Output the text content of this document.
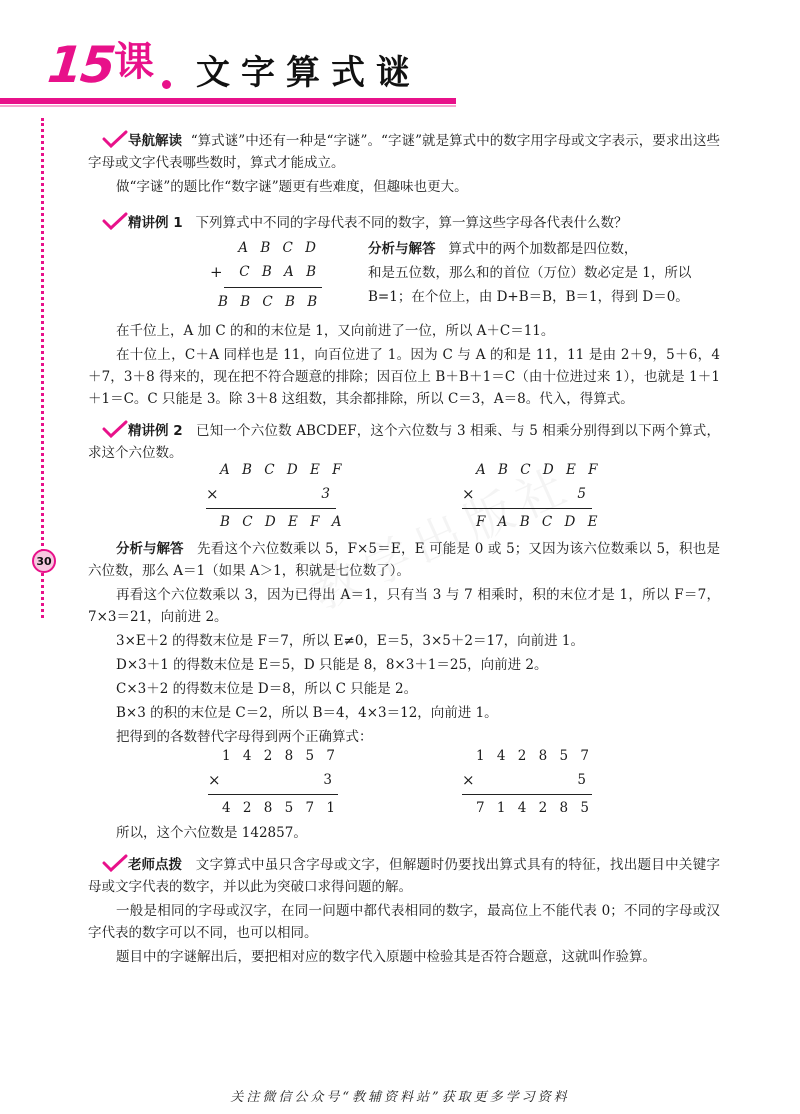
15
课 文字算式谜
30

导航解读 “算式谜”中还有一种是“字谜”。“字谜”就是算式中的数字用字母或文字表示，要求出这些字母或文字代表哪些数时，算式才能成立。

做“字谜”的题比作“数字谜”题更有些难度，但趣味也更大。

精讲例 1 下列算式中不同的字母代表不同的数字，算一算这些字母各代表什么数？

A B C D
+	C B A B
B B C B B

分析与解答 算式中的两个加数都是四位数，

和是五位数，那么和的首位（万位）数必定是 1，所以

B=1；在个位上，由 D+B＝B，B＝1，得到 D＝0。

在千位上，A 加 C 的和的末位是 1，又向前进了一位，所以 A＋C＝11。

在十位上，C＋A 同样也是 11，向百位进了 1。因为 C 与 A 的和是 11，11 是由 2＋9，5＋6，4＋7，3＋8 得来的，现在把不符合题意的排除；因百位上 B＋B＋1＝C（由十位进过来 1），也就是 1＋1＋1＝C。C 只能是 3。除 3＋8 这组数，其余都排除，所以 C＝3，A＝8。代入，得算式。

精讲例 2 已知一个六位数 ABCDEF，这个六位数与 3 相乘、与 5 相乘分别得到以下两个算式，求这个六位数。

A B C D E F
×	3
B C D E F A
A B C D E F
×	5
F A B C D E

分析与解答 先看这个六位数乘以 5，F×5＝E，E 可能是 0 或 5；又因为该六位数乘以 5，积也是六位数，那么 A＝1（如果 A＞1，积就是七位数了）。

再看这个六位数乘以 3，因为已得出 A＝1，只有当 3 与 7 相乘时，积的末位才是 1，所以 F＝7，7×3＝21，向前进 2。

3×E＋2 的得数末位是 F＝7，所以 E≠0，E＝5，3×5＋2＝17，向前进 1。

D×3＋1 的得数末位是 E＝5，D 只能是 8，8×3＋1＝25，向前进 2。

C×3＋2 的得数末位是 D＝8，所以 C 只能是 2。

B×3 的积的末位是 C＝2，所以 B＝4，4×3＝12，向前进 1。

把得到的各数替代字母得到两个正确算式：

1 4 2 8 5 7
×	3
4 2 8 5 7 1
1 4 2 8 5 7
×	5
7 1 4 2 8 5

所以，这个六位数是 142857。

老师点拨 文字算式中虽只含字母或文字，但解题时仍要找出算式具有的特征，找出题目中关键字母或文字代表的数字，并以此为突破口求得问题的解。

一般是相同的字母或汉字，在同一问题中都代表相同的数字，最高位上不能代表 0；不同的字母或汉字代表的数字可以不同，也可以相同。

题目中的字谜解出后，要把相对应的数字代入原题中检验其是否符合题意，这就叫作验算。

关注微信公众号“教辅资料站”获取更多学习资料
